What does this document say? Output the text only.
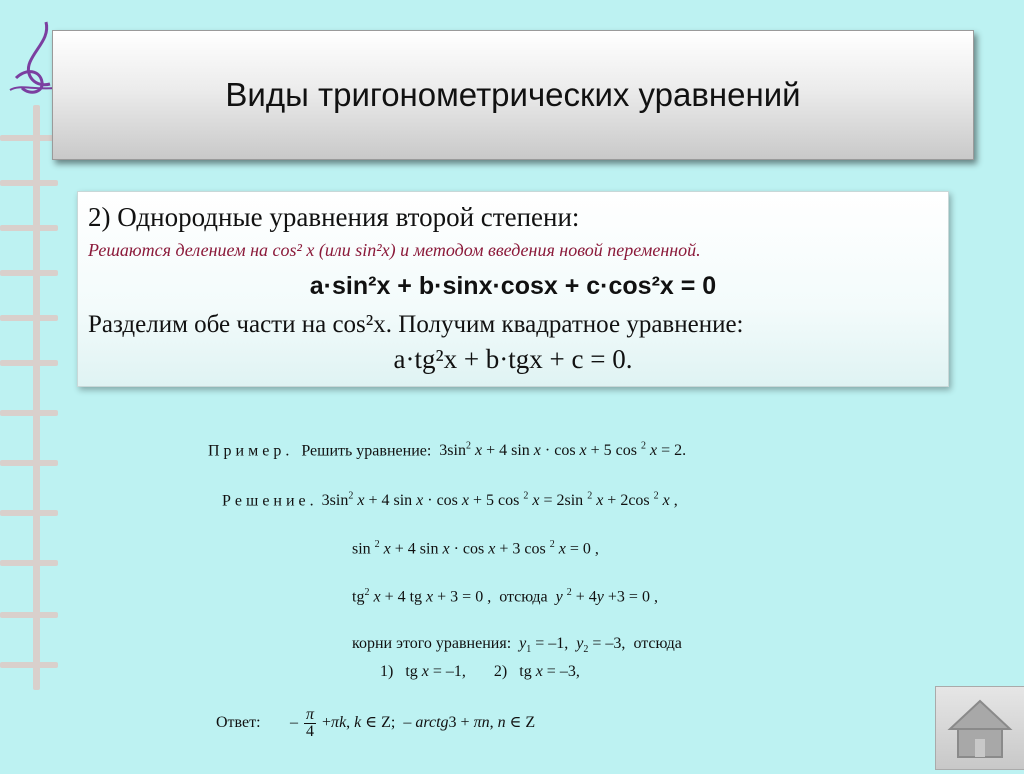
Виды тригонометрических уравнений
2) Однородные уравнения второй степени:
Решаются делением на cos² x (или sin²x) и методом введения новой переменной.
a·sin²x + b·sinx·cosx + c·cos²x = 0
Разделим обе части на cos²x. Получим квадратное уравнение:
a·tg²x + b·tgx + c = 0.
П р и м е р . Решить уравнение: $3\sin^2$ x + 4 sin x · cos x + 5 cos $^2$ x = 2.
Р е ш е н и е . $3\sin^2$ x + 4 sin x · cos x + 5 cos $^2$ x = 2sin $^2$ x + 2cos $^2$ x ,
sin $^2$ x + 4 sin x · cos x + 3 cos $^2$ x = 0 ,
$tg^2$ x + 4 tg x + 3 = 0 ,  отсюда y $^2$ + 4y +3 = 0 ,
корни этого уравнения: $y_1 = -1$,  $y_2 = -3$,  отсюда
1)   tg x = –1,       2)   tg x = –3,
Ответ: – $\frac{\pi}{4} +\pi k$, k ∈ Z;  – arctg3 + πn, n ∈ Z
